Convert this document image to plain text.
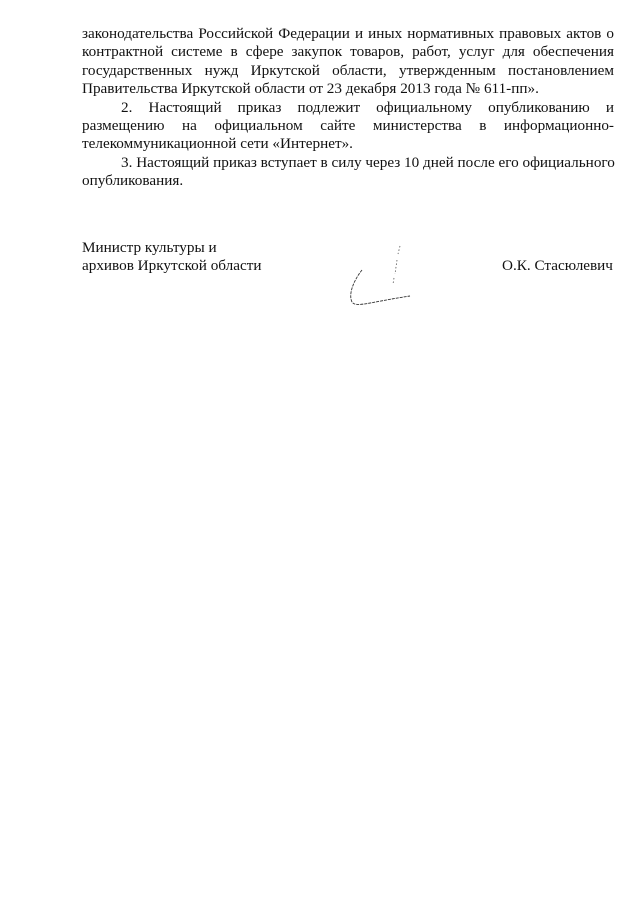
законодательства Российской Федерации и иных нормативных правовых актов о
контрактной системе в сфере закупок товаров, работ, услуг для обеспечения
государственных нужд Иркутской области, утвержденным постановлением
Правительства Иркутской области от 23 декабря 2013 года № 611-пп».
2. Настоящий приказ подлежит официальному опубликованию и
размещению на официальном сайте министерства в информационно-
телекоммуникационной сети «Интернет».
3. Настоящий приказ вступает в силу через 10 дней после его официального
опубликования.
Министр культуры и
архивов Иркутской области	О.К. Стасюлевич
